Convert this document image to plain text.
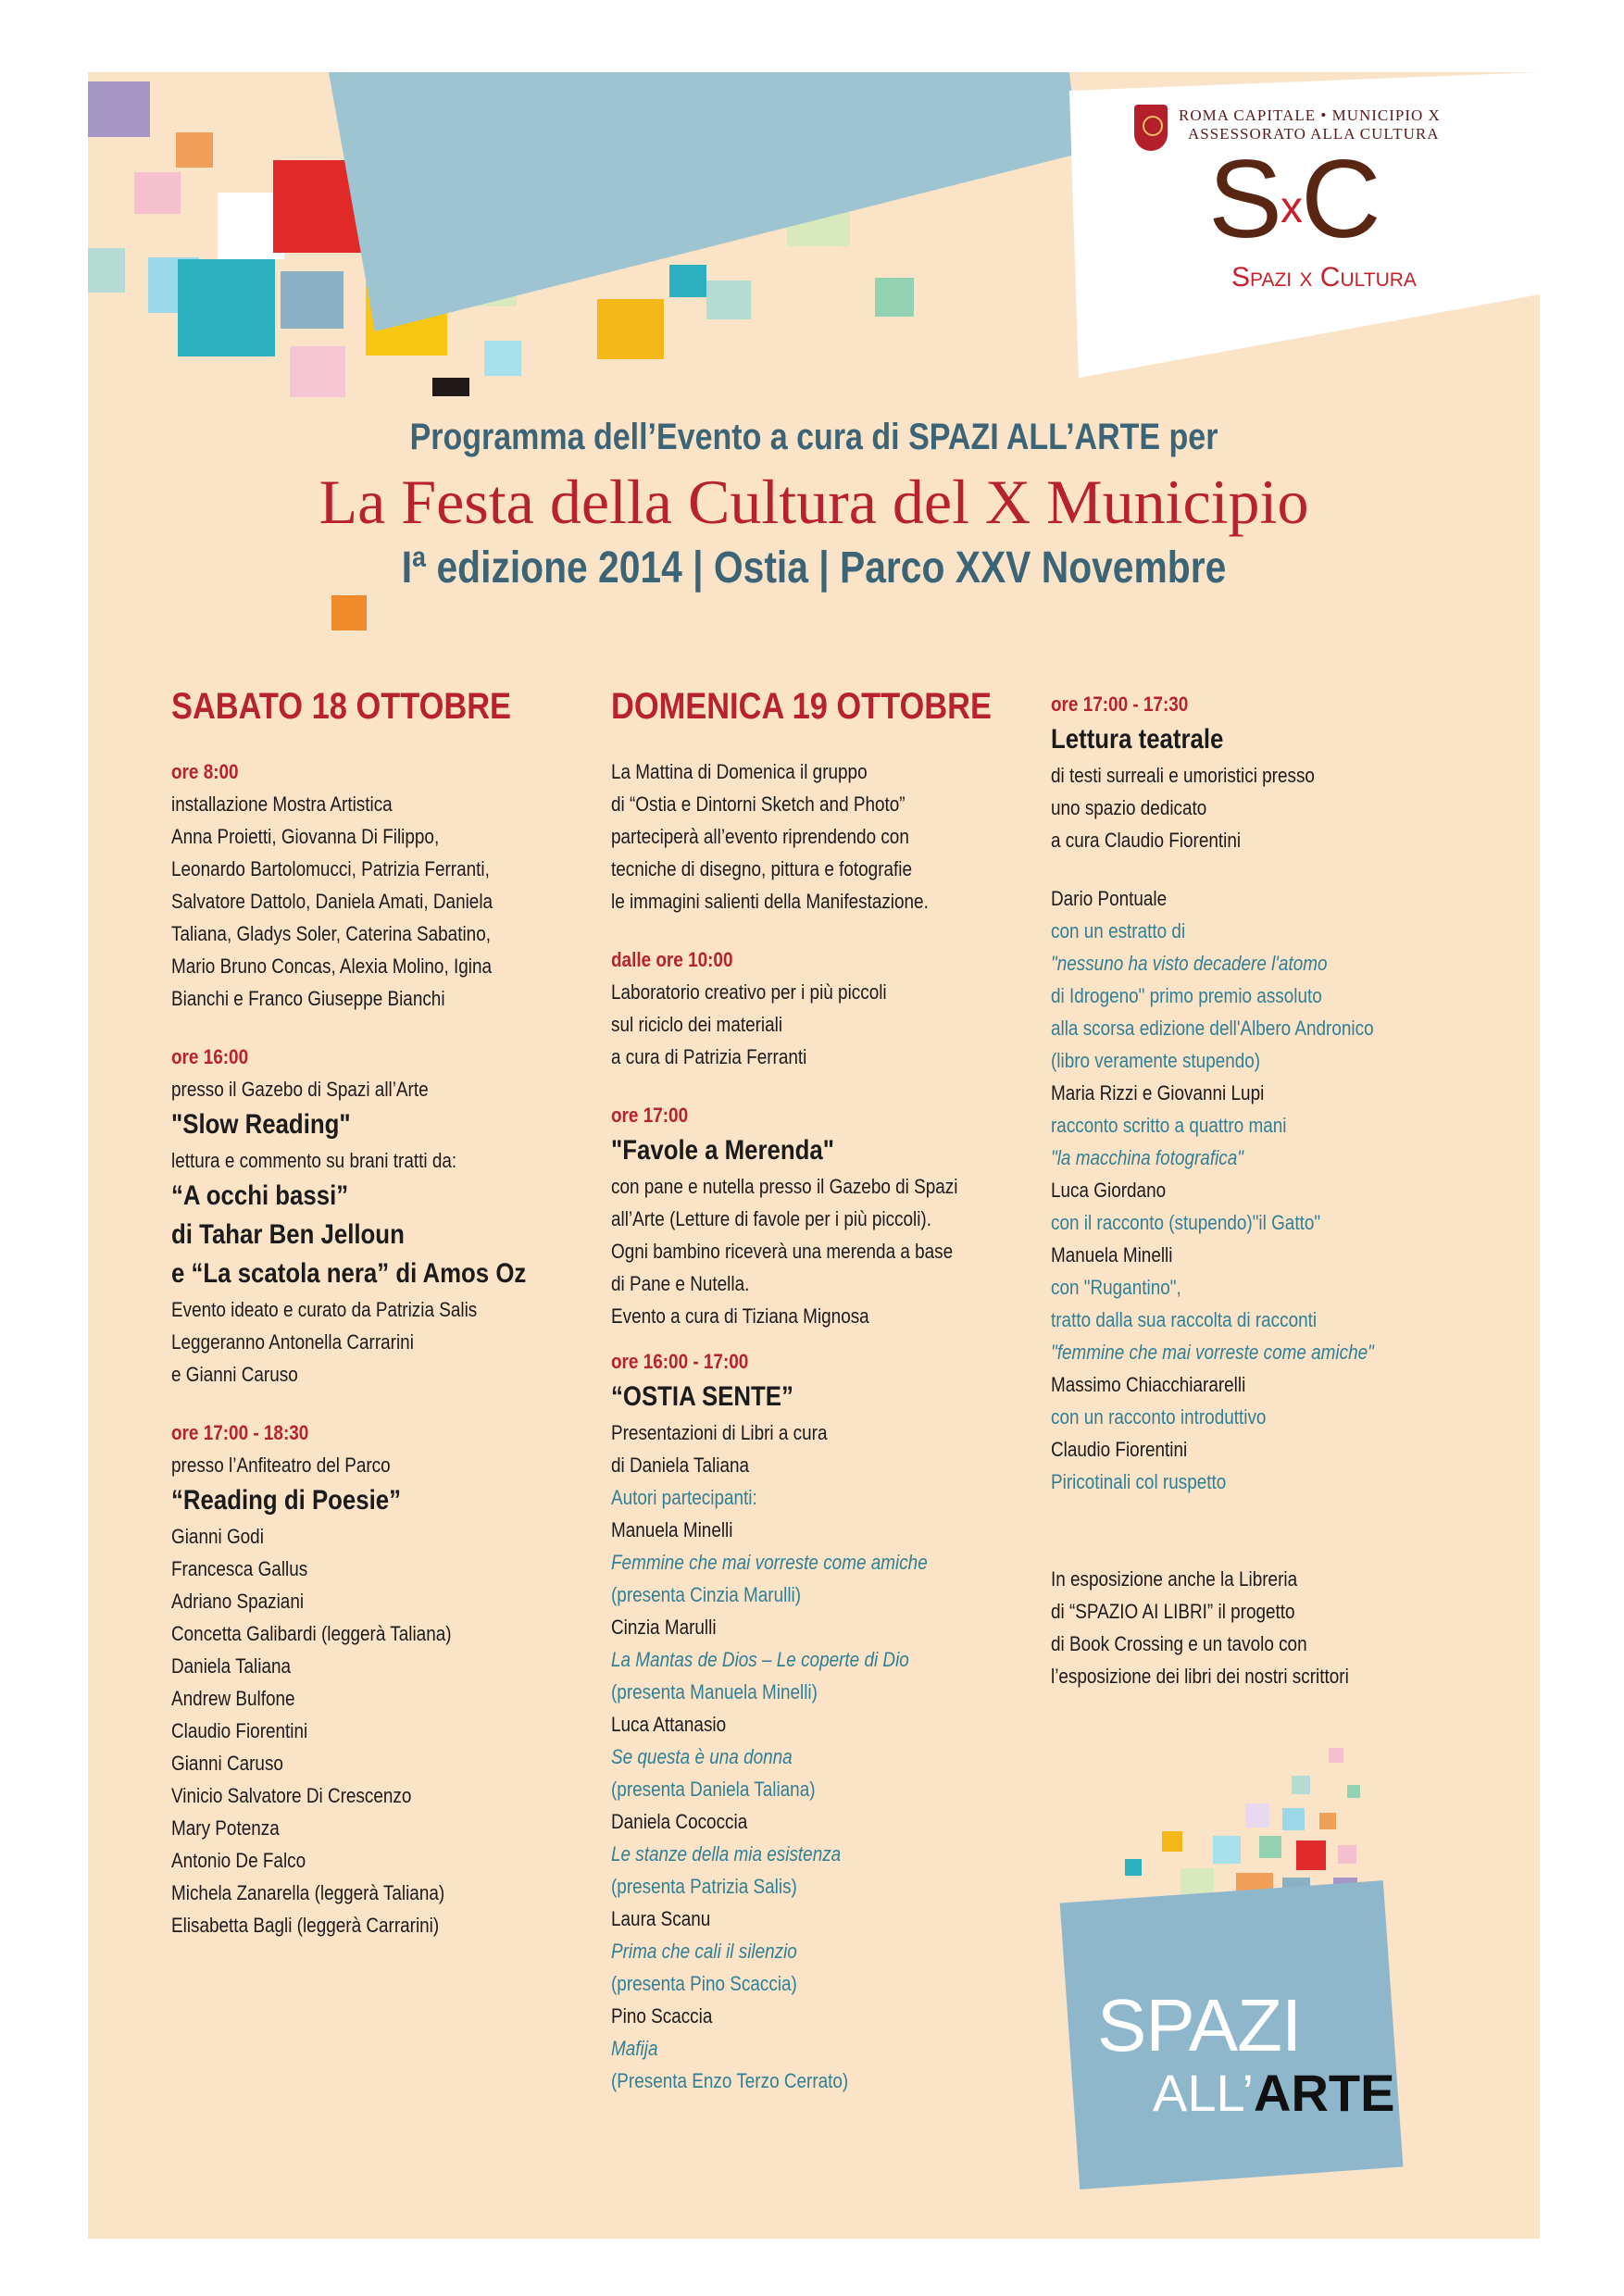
ROMA CAPITALE • MUNICIPIO X
ASSESSORATO ALLA CULTURA
$S^xC$
Spazi x Cultura
Programma dell’Evento a cura di SPAZI ALL’ARTE per
La Festa della Cultura del X Municipio
Iª edizione 2014 | Ostia | Parco XXV Novembre
SABATO 18 OTTOBRE
ore 8:00
installazione Mostra Artistica
Anna Proietti, Giovanna Di Filippo,
Leonardo Bartolomucci, Patrizia Ferranti,
Salvatore Dattolo, Daniela Amati, Daniela
Taliana, Gladys Soler, Caterina Sabatino,
Mario Bruno Concas, Alexia Molino, Igina
Bianchi e Franco Giuseppe Bianchi
ore 16:00
presso il Gazebo di Spazi all’Arte
"Slow Reading"
lettura e commento su brani tratti da:
“A occhi bassi”
di Tahar Ben Jelloun
e “La scatola nera” di Amos Oz
Evento ideato e curato da Patrizia Salis
Leggeranno Antonella Carrarini
e Gianni Caruso
ore 17:00 - 18:30
presso l’Anfiteatro del Parco
“Reading di Poesie”
Gianni Godi
Francesca Gallus
Adriano Spaziani
Concetta Galibardi (leggerà Taliana)
Daniela Taliana
Andrew Bulfone
Claudio Fiorentini
Gianni Caruso
Vinicio Salvatore Di Crescenzo
Mary Potenza
Antonio De Falco
Michela Zanarella (leggerà Taliana)
Elisabetta Bagli (leggerà Carrarini)
DOMENICA 19 OTTOBRE
La Mattina di Domenica il gruppo
di “Ostia e Dintorni Sketch and Photo”
parteciperà all’evento riprendendo con
tecniche di disegno, pittura e fotografie
le immagini salienti della Manifestazione.
dalle ore 10:00
Laboratorio creativo per i più piccoli
sul riciclo dei materiali
a cura di Patrizia Ferranti
ore 17:00
"Favole a Merenda"
con pane e nutella presso il Gazebo di Spazi
all’Arte (Letture di favole per i più piccoli).
Ogni bambino riceverà una merenda a base
di Pane e Nutella.
Evento a cura di Tiziana Mignosa
ore 16:00 - 17:00
“OSTIA SENTE”
Presentazioni di Libri a cura
di Daniela Taliana
Autori partecipanti:
Manuela Minelli
Femmine che mai vorreste come amiche
(presenta Cinzia Marulli)
Cinzia Marulli
La Mantas de Dios – Le coperte di Dio
(presenta Manuela Minelli)
Luca Attanasio
Se questa è una donna
(presenta Daniela Taliana)
Daniela Cococcia
Le stanze della mia esistenza
(presenta Patrizia Salis)
Laura Scanu
Prima che cali il silenzio
(presenta Pino Scaccia)
Pino Scaccia
Mafija
(Presenta Enzo Terzo Cerrato)
ore 17:00 - 17:30
Lettura teatrale
di testi surreali e umoristici presso
uno spazio dedicato
a cura Claudio Fiorentini
Dario Pontuale
con un estratto di
"nessuno ha visto decadere l'atomo
di Idrogeno" primo premio assoluto
alla scorsa edizione dell'Albero Andronico
(libro veramente stupendo)
Maria Rizzi e Giovanni Lupi
racconto scritto a quattro mani
"la macchina fotografica"
Luca Giordano
con il racconto (stupendo)"il Gatto"
Manuela Minelli
con "Rugantino",
tratto dalla sua raccolta di racconti
"femmine che mai vorreste come amiche"
Massimo Chiacchiararelli
con un racconto introduttivo
Claudio Fiorentini
Piricotinali col ruspetto
In esposizione anche la Libreria
di “SPAZIO AI LIBRI” il progetto
di Book Crossing e un tavolo con
l’esposizione dei libri dei nostri scrittori
SPAZI
ALL’ARTE
